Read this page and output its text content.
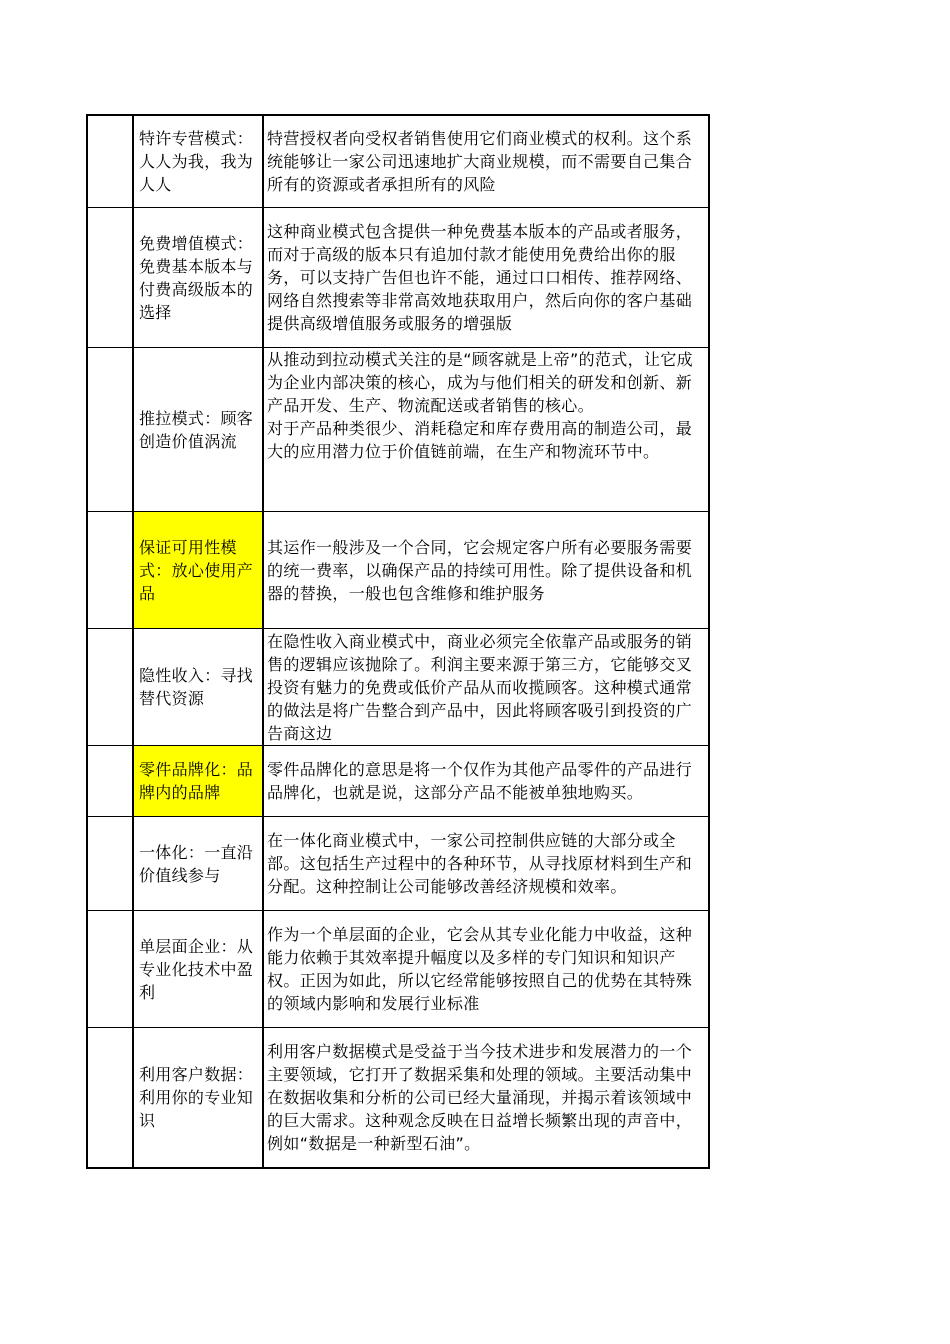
特许专营模式：人人为我，我为人人

特营授权者向受权者销售使用它们商业模式的权利。这个系统能够让一家公司迅速地扩大商业规模，而不需要自己集合所有的资源或者承担所有的风险

免费增值模式：免费基本版本与付费高级版本的选择

这种商业模式包含提供一种免费基本版本的产品或者服务，而对于高级的版本只有追加付款才能使用免费给出你的服务，可以支持广告但也许不能，通过口口相传、推荐网络、网络自然搜索等非常高效地获取用户，然后向你的客户基础提供高级增值服务或服务的增强版

推拉模式：顾客创造价值涡流

从推动到拉动模式关注的是“顾客就是上帝”的范式，让它成为企业内部决策的核心，成为与他们相关的研发和创新、新产品开发、生产、物流配送或者销售的核心。

对于产品种类很少、消耗稳定和库存费用高的制造公司，最大的应用潜力位于价值链前端，在生产和物流环节中。

保证可用性模式：放心使用产品

其运作一般涉及一个合同，它会规定客户所有必要服务需要的统一费率，以确保产品的持续可用性。除了提供设备和机器的替换，一般也包含维修和维护服务

隐性收入：寻找替代资源

在隐性收入商业模式中，商业必须完全依靠产品或服务的销售的逻辑应该抛除了。利润主要来源于第三方，它能够交叉投资有魅力的免费或低价产品从而收揽顾客。这种模式通常的做法是将广告整合到产品中，因此将顾客吸引到投资的广告商这边

零件品牌化：品牌内的品牌

零件品牌化的意思是将一个仅作为其他产品零件的产品进行品牌化，也就是说，这部分产品不能被单独地购买。

一体化：一直沿价值线参与

在一体化商业模式中，一家公司控制供应链的大部分或全部。这包括生产过程中的各种环节，从寻找原材料到生产和分配。这种控制让公司能够改善经济规模和效率。

单层面企业：从专业化技术中盈利

作为一个单层面的企业，它会从其专业化能力中收益，这种能力依赖于其效率提升幅度以及多样的专门知识和知识产权。正因为如此，所以它经常能够按照自己的优势在其特殊的领域内影响和发展行业标准

利用客户数据：利用你的专业知识

利用客户数据模式是受益于当今技术进步和发展潜力的一个主要领域，它打开了数据采集和处理的领域。主要活动集中在数据收集和分析的公司已经大量涌现，并揭示着该领域中的巨大需求。这种观念反映在日益增长频繁出现的声音中，例如“数据是一种新型石油”。
